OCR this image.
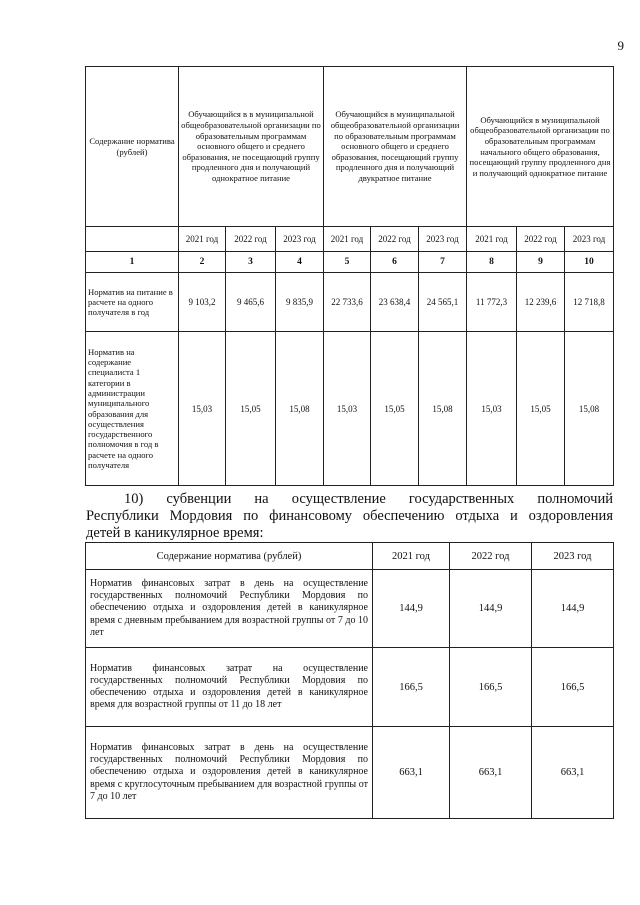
9
Содержание норматива (рублей)	Обучающийся в в муниципальной общеобразовательной организации по образовательным программам основного общего и среднего образования, не посещающий группу продленного дня и получающий однократное питание			Обучающийся в муниципальной общеобразовательной организации по образовательным программам основного общего и среднего образования, посещающий группу продленного дня и получающий двукратное питание			Обучающийся в муниципальной общеобразовательной организации по образовательным программам начального общего образования, посещающий группу продленного дня и получающий однократное питание		
	2021 год	2022 год	2023 год	2021 год	2022 год	2023 год	2021 год	2022 год	2023 год
1	2	3	4	5	6	7	8	9	10
Норматив на питание в расчете на одного получателя в год	9 103,2	9 465,6	9 835,9	22 733,6	23 638,4	24 565,1	11 772,3	12 239,6	12 718,8
Норматив на содержание специалиста 1 категории в администрации муниципального образования для осуществления государственного полномочия в год в расчете на одного получателя	15,03	15,05	15,08	15,03	15,05	15,08	15,03	15,05	15,08
10) субвенции на осуществление государственных полномочий
Республики Мордовия по финансовому обеспечению отдыха и оздоровления
детей в каникулярное время:
Содержание норматива (рублей)	2021 год	2022 год	2023 год
Норматив финансовых затрат в день на осуществление государственных полномочий Республики Мордовия по обеспечению отдыха и оздоровления детей в каникулярное время с дневным пребыванием для возрастной группы от 7 до 10 лет	144,9	144,9	144,9
Норматив финансовых затрат на осуществление государственных полномочий Республики Мордовия по обеспечению отдыха и оздоровления детей в каникулярное время для возрастной группы от 11 до 18 лет	166,5	166,5	166,5
Норматив финансовых затрат в день на осуществление государственных полномочий Республики Мордовия по обеспечению отдыха и оздоровления детей в каникулярное время с круглосуточным пребыванием для возрастной группы от 7 до 10 лет	663,1	663,1	663,1
